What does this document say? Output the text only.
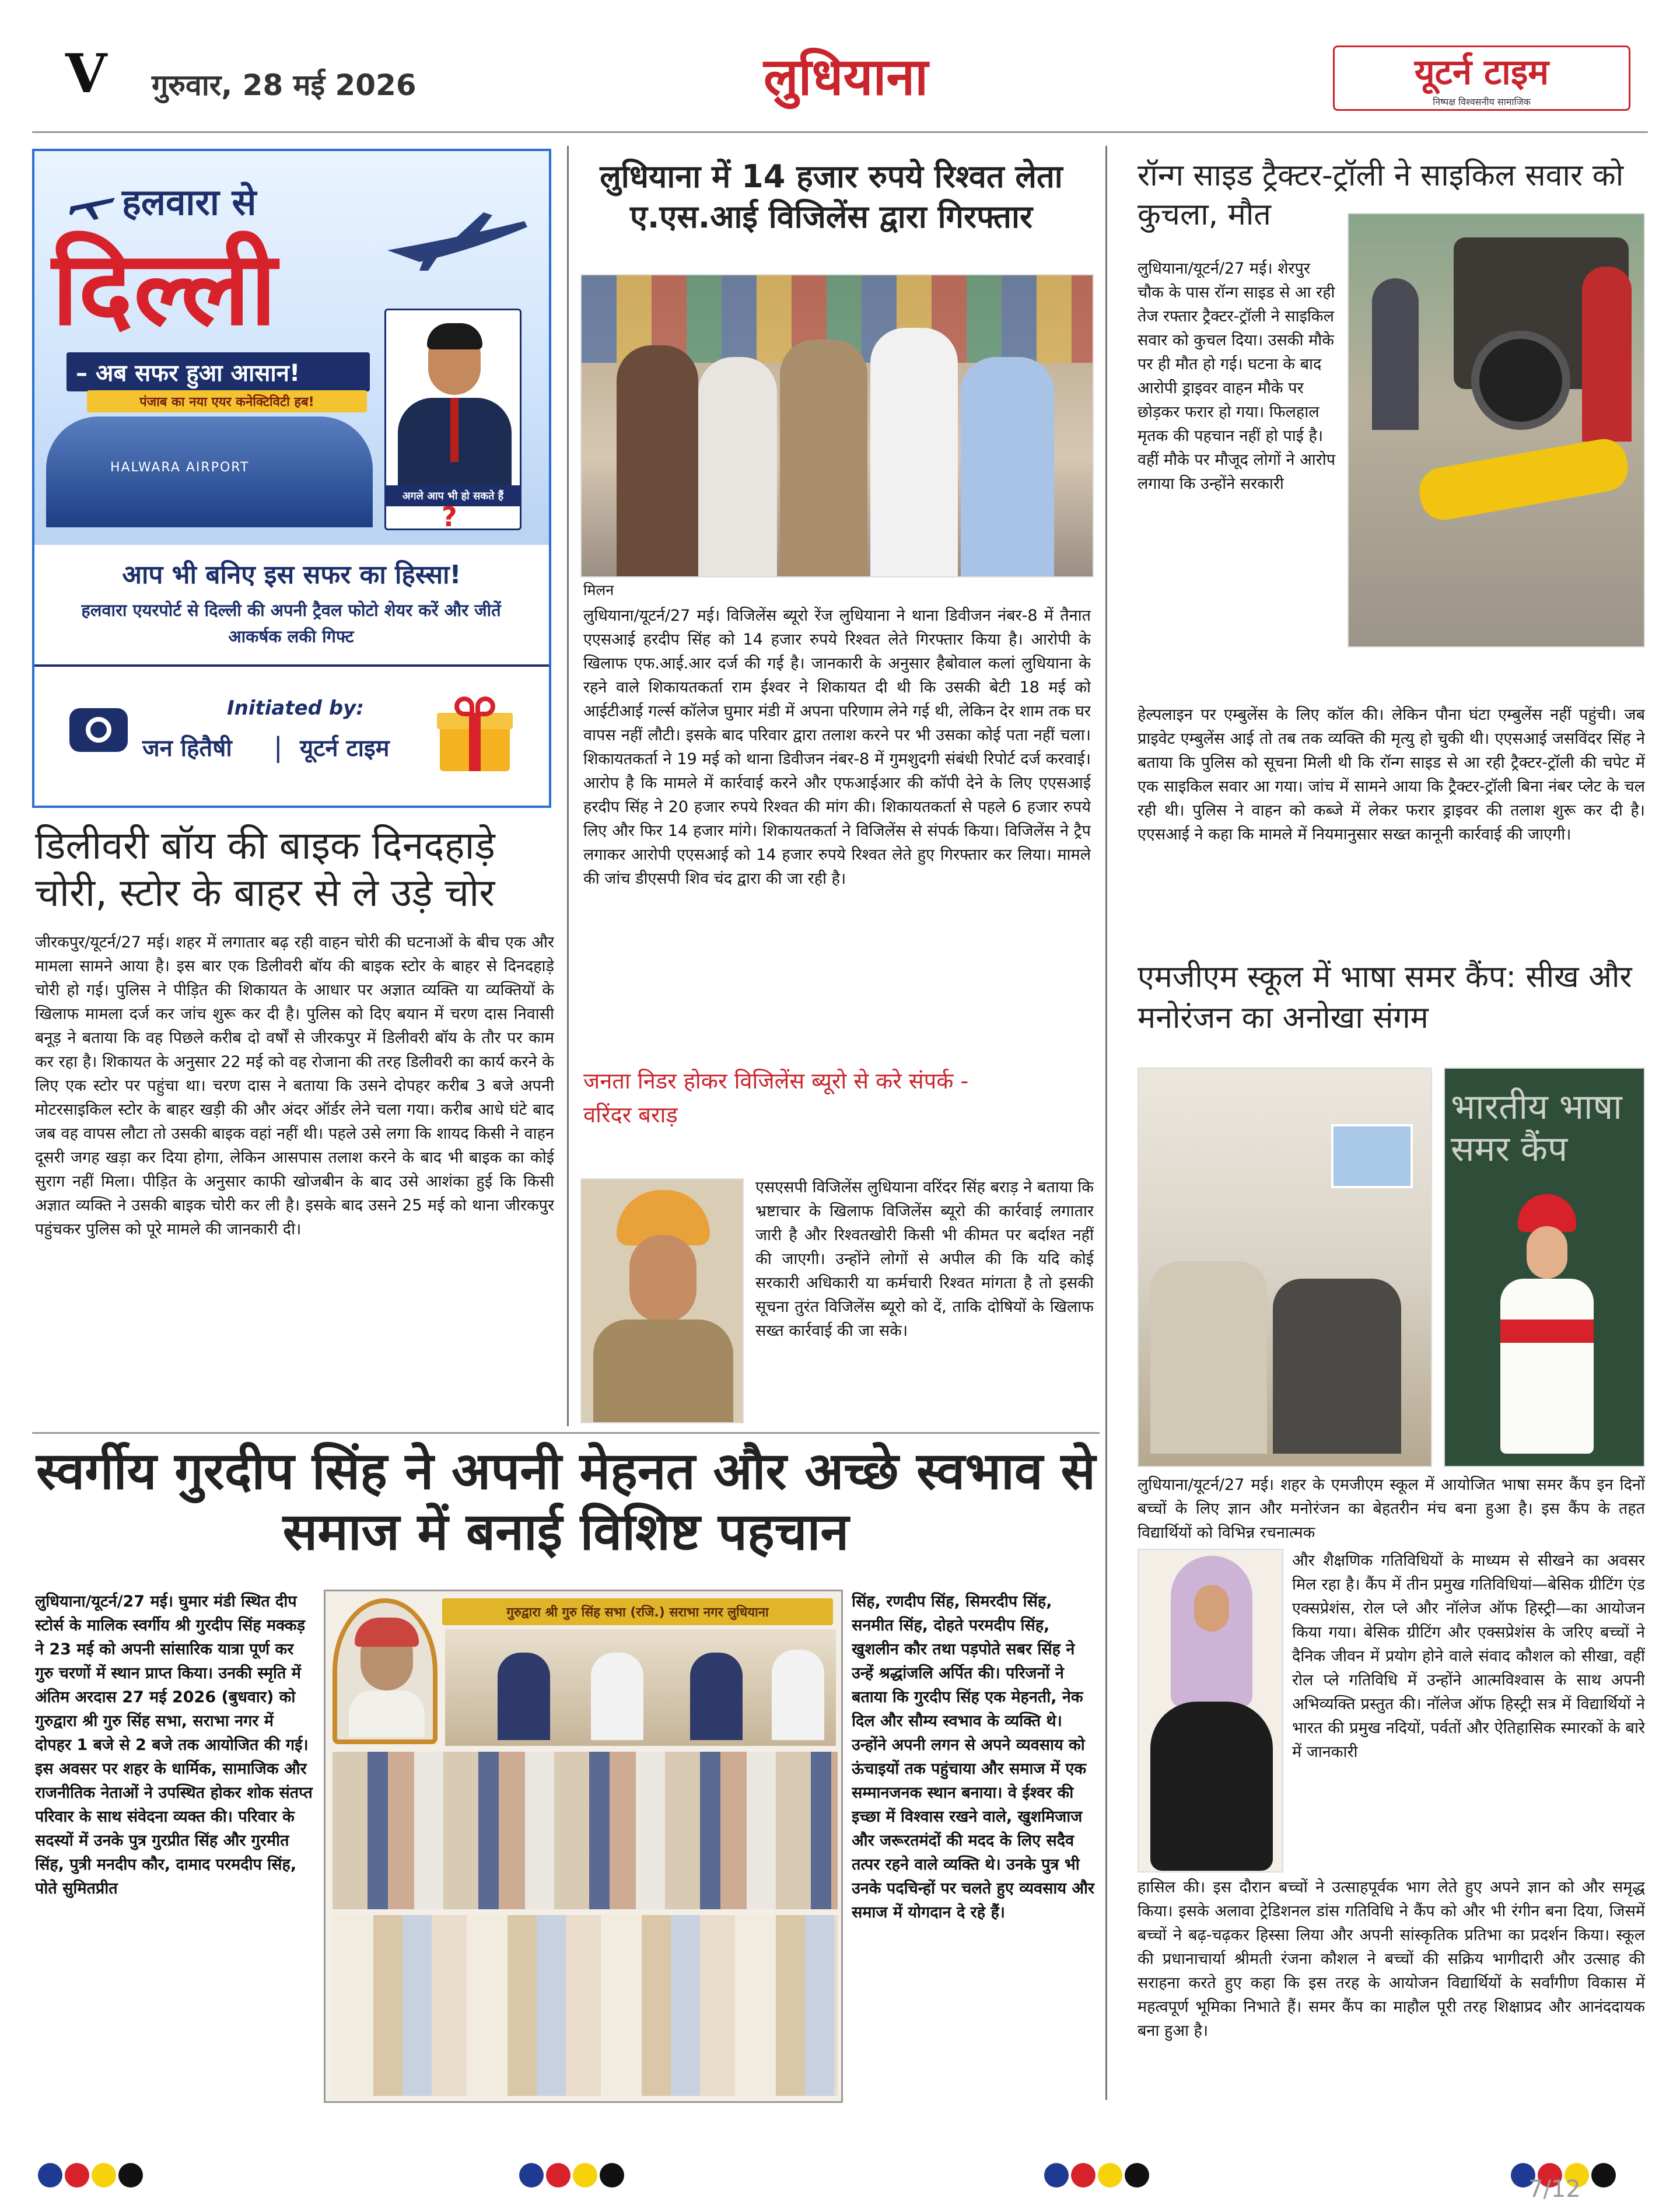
V गुरुवार, 28 मई 2026	लुधियाना	यूटर्न टाइम
निष्पक्ष विश्वसनीय सामाजिक
हलवारा से
दिल्ली
– अब सफर हुआ आसान!
पंजाब का नया एयर कनेक्टिविटी हब!
HALWARA AIRPORT
अगले आप भी हो सकते हैं
?
आप भी बनिए इस सफर का हिस्सा!
हलवारा एयरपोर्ट से दिल्ली की अपनी ट्रैवल फोटो शेयर करें और जीतें आकर्षक लकी गिफ्ट
Initiated by:
जन हितैषी | यूटर्न टाइम
लुधियाना में 14 हजार रुपये रिश्वत लेता ए.एस.आई विजिलेंस द्वारा गिरफ्तार
मिलन
लुधियाना/यूटर्न/27 मई। विजिलेंस ब्यूरो रेंज लुधियाना ने थाना डिवीजन नंबर-8 में तैनात एएसआई हरदीप सिंह को 14 हजार रुपये रिश्वत लेते गिरफ्तार किया है। आरोपी के खिलाफ एफ.आई.आर दर्ज की गई है। जानकारी के अनुसार हैबोवाल कलां लुधियाना के रहने वाले शिकायतकर्ता राम ईश्वर ने शिकायत दी थी कि उसकी बेटी 18 मई को आईटीआई गर्ल्स कॉलेज घुमार मंडी में अपना परिणाम लेने गई थी, लेकिन देर शाम तक घर वापस नहीं लौटी। इसके बाद परिवार द्वारा तलाश करने पर भी उसका कोई पता नहीं चला। शिकायतकर्ता ने 19 मई को थाना डिवीजन नंबर-8 में गुमशुदगी संबंधी रिपोर्ट दर्ज करवाई। आरोप है कि मामले में कार्रवाई करने और एफआईआर की कॉपी देने के लिए एएसआई हरदीप सिंह ने 20 हजार रुपये रिश्वत की मांग की। शिकायतकर्ता से पहले 6 हजार रुपये लिए और फिर 14 हजार मांगे। शिकायतकर्ता ने विजिलेंस से संपर्क किया। विजिलेंस ने ट्रैप लगाकर आरोपी एएसआई को 14 हजार रुपये रिश्वत लेते हुए गिरफ्तार कर लिया। मामले की जांच डीएसपी शिव चंद द्वारा की जा रही है।
जनता निडर होकर विजिलेंस ब्यूरो से करे संपर्क -
वरिंदर बराड़
एसएसपी विजिलेंस लुधियाना वरिंदर सिंह बराड़ ने बताया कि भ्रष्टाचार के खिलाफ विजिलेंस ब्यूरो की कार्रवाई लगातार जारी है और रिश्वतखोरी किसी भी कीमत पर बर्दाश्त नहीं की जाएगी। उन्होंने लोगों से अपील की कि यदि कोई सरकारी अधिकारी या कर्मचारी रिश्वत मांगता है तो इसकी सूचना तुरंत विजिलेंस ब्यूरो को दें, ताकि दोषियों के खिलाफ सख्त कार्रवाई की जा सके।
डिलीवरी बॉय की बाइक दिनदहाड़े चोरी, स्टोर के बाहर से ले उड़े चोर
जीरकपुर/यूटर्न/27 मई। शहर में लगातार बढ़ रही वाहन चोरी की घटनाओं के बीच एक और मामला सामने आया है। इस बार एक डिलीवरी बॉय की बाइक स्टोर के बाहर से दिनदहाड़े चोरी हो गई। पुलिस ने पीड़ित की शिकायत के आधार पर अज्ञात व्यक्ति या व्यक्तियों के खिलाफ मामला दर्ज कर जांच शुरू कर दी है। पुलिस को दिए बयान में चरण दास निवासी बनूड़ ने बताया कि वह पिछले करीब दो वर्षों से जीरकपुर में डिलीवरी बॉय के तौर पर काम कर रहा है। शिकायत के अनुसार 22 मई को वह रोजाना की तरह डिलीवरी का कार्य करने के लिए एक स्टोर पर पहुंचा था। चरण दास ने बताया कि उसने दोपहर करीब 3 बजे अपनी मोटरसाइकिल स्टोर के बाहर खड़ी की और अंदर ऑर्डर लेने चला गया। करीब आधे घंटे बाद जब वह वापस लौटा तो उसकी बाइक वहां नहीं थी। पहले उसे लगा कि शायद किसी ने वाहन दूसरी जगह खड़ा कर दिया होगा, लेकिन आसपास तलाश करने के बाद भी बाइक का कोई सुराग नहीं मिला। पीड़ित के अनुसार काफी खोजबीन के बाद उसे आशंका हुई कि किसी अज्ञात व्यक्ति ने उसकी बाइक चोरी कर ली है। इसके बाद उसने 25 मई को थाना जीरकपुर पहुंचकर पुलिस को पूरे मामले की जानकारी दी।
रॉन्ग साइड ट्रैक्टर-ट्रॉली ने साइकिल सवार को कुचला, मौत
लुधियाना/यूटर्न/27 मई। शेरपुर चौक के पास रॉन्ग साइड से आ रही तेज रफ्तार ट्रैक्टर-ट्रॉली ने साइकिल सवार को कुचल दिया। उसकी मौके पर ही मौत हो गई। घटना के बाद आरोपी ड्राइवर वाहन मौके पर छोड़कर फरार हो गया। फिलहाल मृतक की पहचान नहीं हो पाई है। वहीं मौके पर मौजूद लोगों ने आरोप लगाया कि उन्होंने सरकारी
हेल्पलाइन पर एम्बुलेंस के लिए कॉल की। लेकिन पौना घंटा एम्बुलेंस नहीं पहुंची। जब प्राइवेट एम्बुलेंस आई तो तब तक व्यक्ति की मृत्यु हो चुकी थी। एएसआई जसविंदर सिंह ने बताया कि पुलिस को सूचना मिली थी कि रॉन्ग साइड से आ रही ट्रैक्टर-ट्रॉली की चपेट में एक साइकिल सवार आ गया। जांच में सामने आया कि ट्रैक्टर-ट्रॉली बिना नंबर प्लेट के चल रही थी। पुलिस ने वाहन को कब्जे में लेकर फरार ड्राइवर की तलाश शुरू कर दी है। एएसआई ने कहा कि मामले में नियमानुसार सख्त कानूनी कार्रवाई की जाएगी।
एमजीएम स्कूल में भाषा समर कैंप: सीख और मनोरंजन का अनोखा संगम
भारतीय भाषा समर कैंप
लुधियाना/यूटर्न/27 मई। शहर के एमजीएम स्कूल में आयोजित भाषा समर कैंप इन दिनों बच्चों के लिए ज्ञान और मनोरंजन का बेहतरीन मंच बना हुआ है। इस कैंप के तहत विद्यार्थियों को विभिन्न रचनात्मक
और शैक्षणिक गतिविधियों के माध्यम से सीखने का अवसर मिल रहा है। कैंप में तीन प्रमुख गतिविधियां—बेसिक ग्रीटिंग एंड एक्सप्रेशंस, रोल प्ले और नॉलेज ऑफ हिस्ट्री—का आयोजन किया गया। बेसिक ग्रीटिंग और एक्सप्रेशंस के जरिए बच्चों ने दैनिक जीवन में प्रयोग होने वाले संवाद कौशल को सीखा, वहीं रोल प्ले गतिविधि में उन्होंने आत्मविश्वास के साथ अपनी अभिव्यक्ति प्रस्तुत की। नॉलेज ऑफ हिस्ट्री सत्र में विद्यार्थियों ने भारत की प्रमुख नदियों, पर्वतों और ऐतिहासिक स्मारकों के बारे में जानकारी
हासिल की। इस दौरान बच्चों ने उत्साहपूर्वक भाग लेते हुए अपने ज्ञान को और समृद्ध किया। इसके अलावा ट्रेडिशनल डांस गतिविधि ने कैंप को और भी रंगीन बना दिया, जिसमें बच्चों ने बढ़-चढ़कर हिस्सा लिया और अपनी सांस्कृतिक प्रतिभा का प्रदर्शन किया। स्कूल की प्रधानाचार्या श्रीमती रंजना कौशल ने बच्चों की सक्रिय भागीदारी और उत्साह की सराहना करते हुए कहा कि इस तरह के आयोजन विद्यार्थियों के सर्वांगीण विकास में महत्वपूर्ण भूमिका निभाते हैं। समर कैंप का माहौल पूरी तरह शिक्षाप्रद और आनंददायक बना हुआ है।
स्वर्गीय गुरदीप सिंह ने अपनी मेहनत और अच्छे स्वभाव से समाज में बनाई विशिष्ट पहचान
लुधियाना/यूटर्न/27 मई। घुमार मंडी स्थित दीप स्टोर्स के मालिक स्वर्गीय श्री गुरदीप सिंह मक्कड़ ने 23 मई को अपनी सांसारिक यात्रा पूर्ण कर गुरु चरणों में स्थान प्राप्त किया। उनकी स्मृति में अंतिम अरदास 27 मई 2026 (बुधवार) को गुरुद्वारा श्री गुरु सिंह सभा, सराभा नगर में दोपहर 1 बजे से 2 बजे तक आयोजित की गई। इस अवसर पर शहर के धार्मिक, सामाजिक और राजनीतिक नेताओं ने उपस्थित होकर शोक संतप्त परिवार के साथ संवेदना व्यक्त की। परिवार के सदस्यों में उनके पुत्र गुरप्रीत सिंह और गुरमीत सिंह, पुत्री मनदीप कौर, दामाद परमदीप सिंह, पोते सुमितप्रीत
गुरुद्वारा श्री गुरु सिंह सभा (रजि.) सराभा नगर लुधियाना
सिंह, रणदीप सिंह, सिमरदीप सिंह, सनमीत सिंह, दोहते परमदीप सिंह, खुशलीन कौर तथा पड़पोते सबर सिंह ने उन्हें श्रद्धांजलि अर्पित की। परिजनों ने बताया कि गुरदीप सिंह एक मेहनती, नेक दिल और सौम्य स्वभाव के व्यक्ति थे। उन्होंने अपनी लगन से अपने व्यवसाय को ऊंचाइयों तक पहुंचाया और समाज में एक सम्मानजनक स्थान बनाया। वे ईश्वर की इच्छा में विश्वास रखने वाले, खुशमिजाज और जरूरतमंदों की मदद के लिए सदैव तत्पर रहने वाले व्यक्ति थे। उनके पुत्र भी उनके पदचिन्हों पर चलते हुए व्यवसाय और समाज में योगदान दे रहे हैं।
7/12
